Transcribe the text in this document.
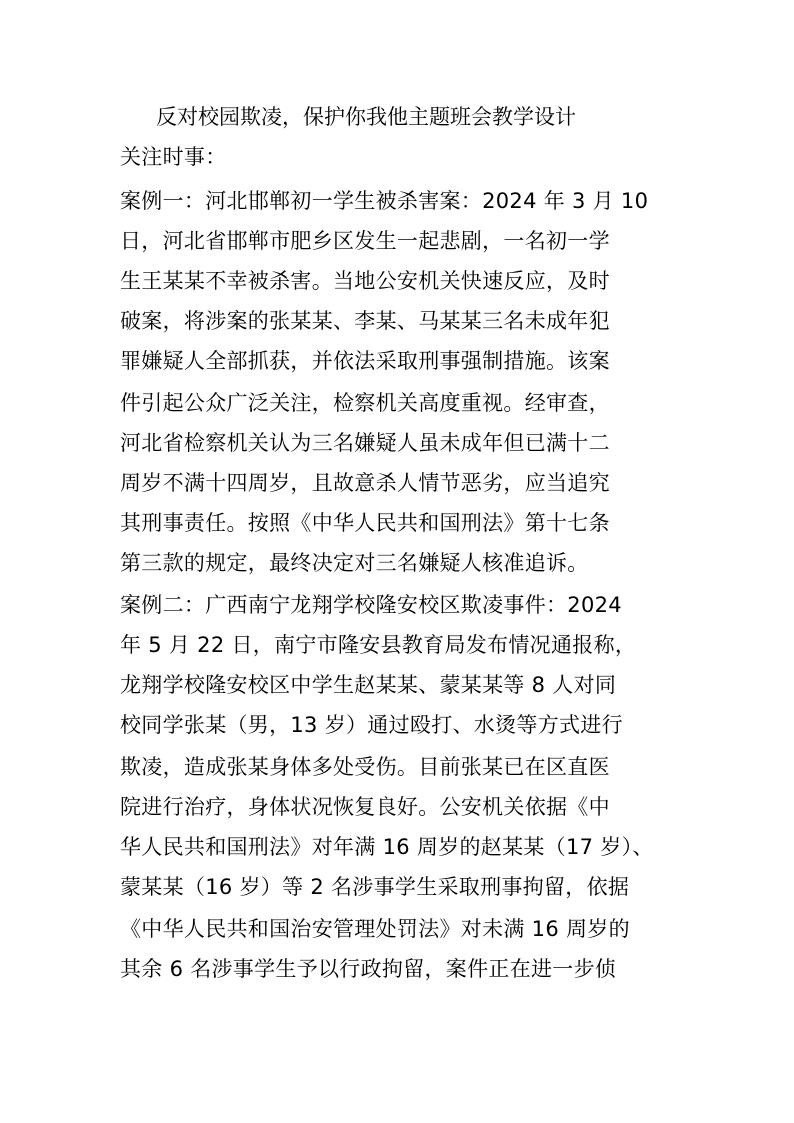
反对校园欺凌，保护你我他主题班会教学设计
关注时事：
案例一：河北邯郸初一学生被杀害案：2024 年 3 月 10
日，河北省邯郸市肥乡区发生一起悲剧，一名初一学
生王某某不幸被杀害。当地公安机关快速反应，及时
破案，将涉案的张某某、李某、马某某三名未成年犯
罪嫌疑人全部抓获，并依法采取刑事强制措施。该案
件引起公众广泛关注，检察机关高度重视。经审查，
河北省检察机关认为三名嫌疑人虽未成年但已满十二
周岁不满十四周岁，且故意杀人情节恶劣，应当追究
其刑事责任。按照《中华人民共和国刑法》第十七条
第三款的规定，最终决定对三名嫌疑人核准追诉。
案例二：广西南宁龙翔学校隆安校区欺凌事件：2024
年 5 月 22 日，南宁市隆安县教育局发布情况通报称，
龙翔学校隆安校区中学生赵某某、蒙某某等 8 人对同
校同学张某（男，13 岁）通过殴打、水烫等方式进行
欺凌，造成张某身体多处受伤。目前张某已在区直医
院进行治疗，身体状况恢复良好。公安机关依据《中
华人民共和国刑法》对年满 16 周岁的赵某某（17 岁）、
蒙某某（16 岁）等 2 名涉事学生采取刑事拘留，依据
《中华人民共和国治安管理处罚法》对未满 16 周岁的
其余 6 名涉事学生予以行政拘留，案件正在进一步侦
